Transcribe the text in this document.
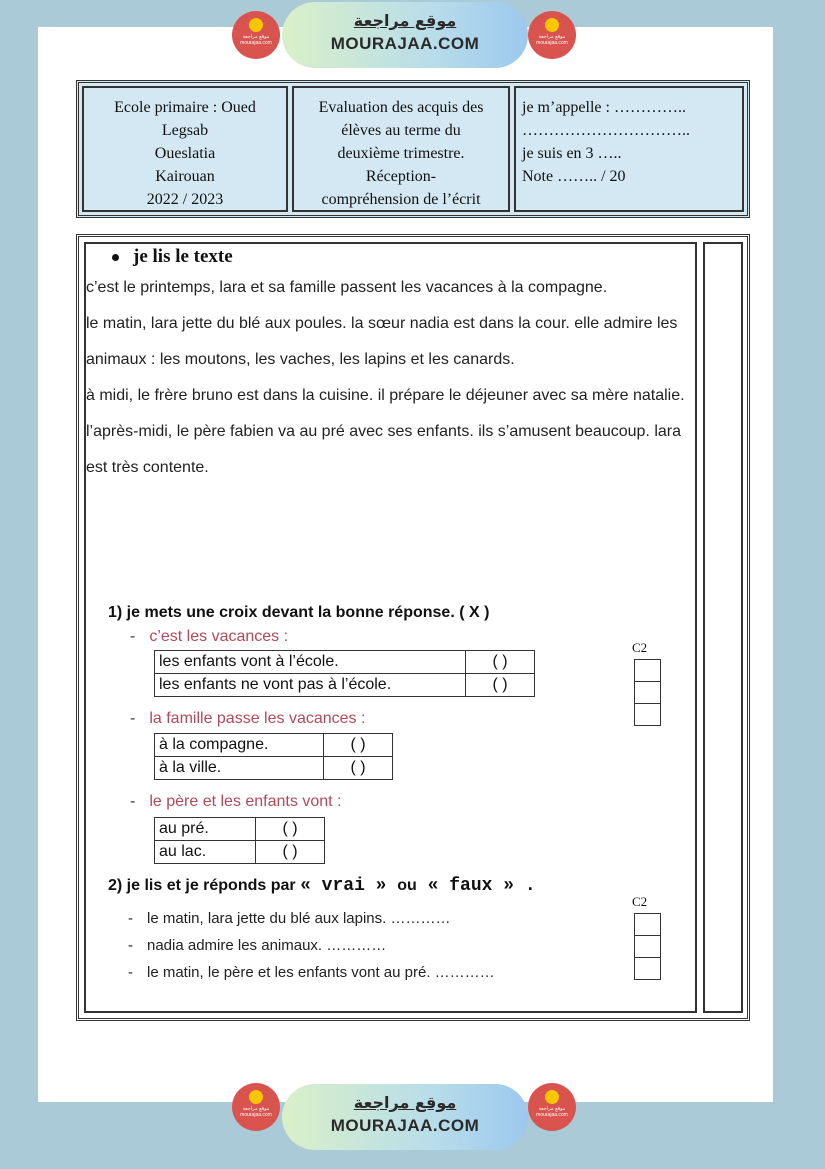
موقع مراجعة
mourajaa.com
موقع مراجعة
MOURAJAA.COM	موقع مراجعة
mourajaa.com
Ecole primaire : Oued
Legsab
Oueslatia
Kairouan
2022 / 2023
Evaluation des acquis des
élèves au terme du
deuxième trimestre.
Réception-
compréhension de l’écrit
je m’appelle : …………..
…………………………..
je suis en 3 …..
Note …….. / 20
C2
C2
je lis le texte
c’est le printemps, lara et sa famille passent les vacances à la compagne.
le matin, lara jette du blé aux poules. la sœur nadia est dans la cour. elle admire les animaux : les moutons, les vaches, les lapins et les canards.
à midi, le frère bruno est dans la cuisine. il prépare le déjeuner avec sa mère natalie.
l’après-midi, le père fabien va au pré avec ses enfants. ils s’amusent beaucoup. lara est très contente.
1) je mets une croix devant la bonne réponse. ( X )
- c’est les vacances :
les enfants vont à l’école.	( )
les enfants ne vont pas à l’école.	( )
- la famille passe les vacances :
à la compagne.	( )
à la ville.	( )
- le père et les enfants vont :
au pré.	( )
au lac.	( )
2) je lis et je réponds par « vrai » ou « faux » .
- le matin, lara jette du blé aux lapins. …………
- nadia admire les animaux. …………
- le matin, le père et les enfants vont au pré. …………
موقع مراجعة
mourajaa.com
موقع مراجعة
MOURAJAA.COM
موقع مراجعة
mourajaa.com
